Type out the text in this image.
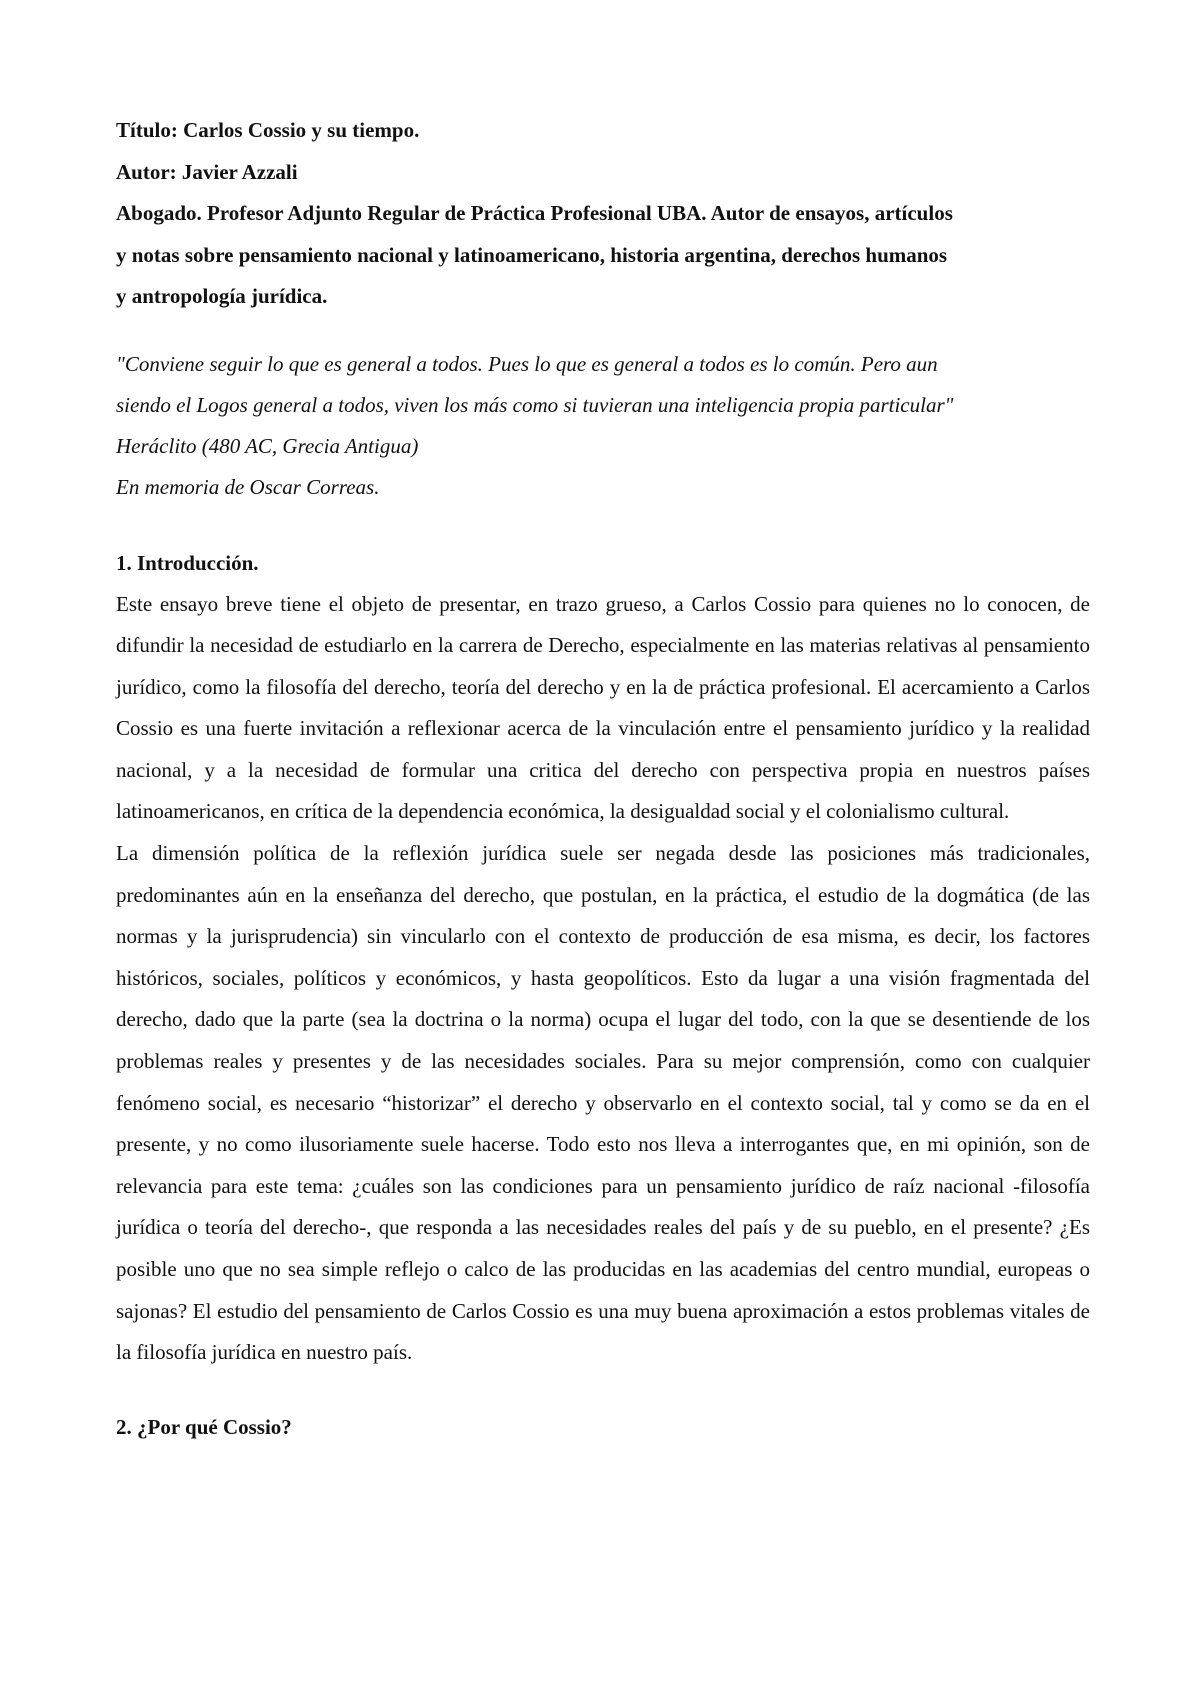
Título: Carlos Cossio y su tiempo.

Autor: Javier Azzali

Abogado. Profesor Adjunto Regular de Práctica Profesional UBA. Autor de ensayos, artículos

y notas sobre pensamiento nacional y latinoamericano, historia argentina, derechos humanos

y antropología jurídica.

"Conviene seguir lo que es general a todos. Pues lo que es general a todos es lo común. Pero aun

siendo el Logos general a todos, viven los más como si tuvieran una inteligencia propia particular"

Heráclito (480 AC, Grecia Antigua)

En memoria de Oscar Correas.

1. Introducción.

Este ensayo breve tiene el objeto de presentar, en trazo grueso, a Carlos Cossio para quienes no lo conocen, de difundir la necesidad de estudiarlo en la carrera de Derecho, especialmente en las materias relativas al pensamiento jurídico, como la filosofía del derecho, teoría del derecho y en la de práctica profesional. El acercamiento a Carlos Cossio es una fuerte invitación a reflexionar acerca de la vinculación entre el pensamiento jurídico y la realidad nacional, y a la necesidad de formular una critica del derecho con perspectiva propia en nuestros países latinoamericanos, en crítica de la dependencia económica, la desigualdad social y el colonialismo cultural.

La dimensión política de la reflexión jurídica suele ser negada desde las posiciones más tradicionales, predominantes aún en la enseñanza del derecho, que postulan, en la práctica, el estudio de la dogmática (de las normas y la jurisprudencia) sin vincularlo con el contexto de producción de esa misma, es decir, los factores históricos, sociales, políticos y económicos, y hasta geopolíticos. Esto da lugar a una visión fragmentada del derecho, dado que la parte (sea la doctrina o la norma) ocupa el lugar del todo, con la que se desentiende de los problemas reales y presentes y de las necesidades sociales. Para su mejor comprensión, como con cualquier fenómeno social, es necesario “historizar” el derecho y observarlo en el contexto social, tal y como se da en el presente, y no como ilusoriamente suele hacerse. Todo esto nos lleva a interrogantes que, en mi opinión, son de relevancia para este tema: ¿cuáles son las condiciones para un pensamiento jurídico de raíz nacional -filosofía jurídica o teoría del derecho-, que responda a las necesidades reales del país y de su pueblo, en el presente? ¿Es posible uno que no sea simple reflejo o calco de las producidas en las academias del centro mundial, europeas o sajonas? El estudio del pensamiento de Carlos Cossio es una muy buena aproximación a estos problemas vitales de la filosofía jurídica en nuestro país.

2. ¿Por qué Cossio?
